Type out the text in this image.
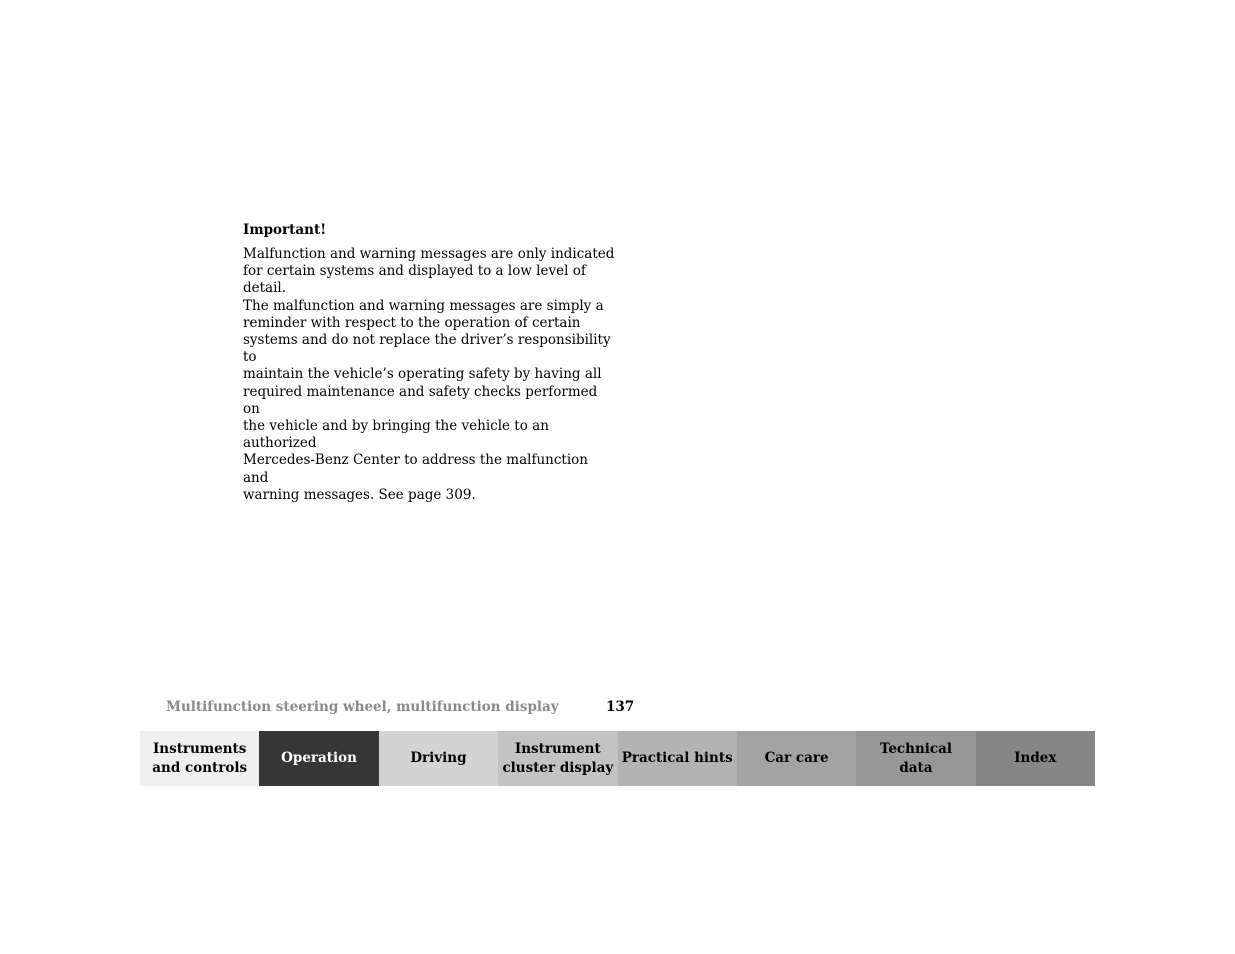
Important!

Malfunction and warning messages are only indicated
for certain systems and displayed to a low level of detail.
The malfunction and warning messages are simply a
reminder with respect to the operation of certain
systems and do not replace the driver’s responsibility to
maintain the vehicle’s operating safety by having all
required maintenance and safety checks performed on
the vehicle and by bringing the vehicle to an authorized
Mercedes-Benz Center to address the malfunction and
warning messages. See page 309.

Multifunction steering wheel, multifunction display	137
Instruments
and controls
Operation	Driving
Instrument
cluster display
Practical hints	Car care
Technical
data
Index
